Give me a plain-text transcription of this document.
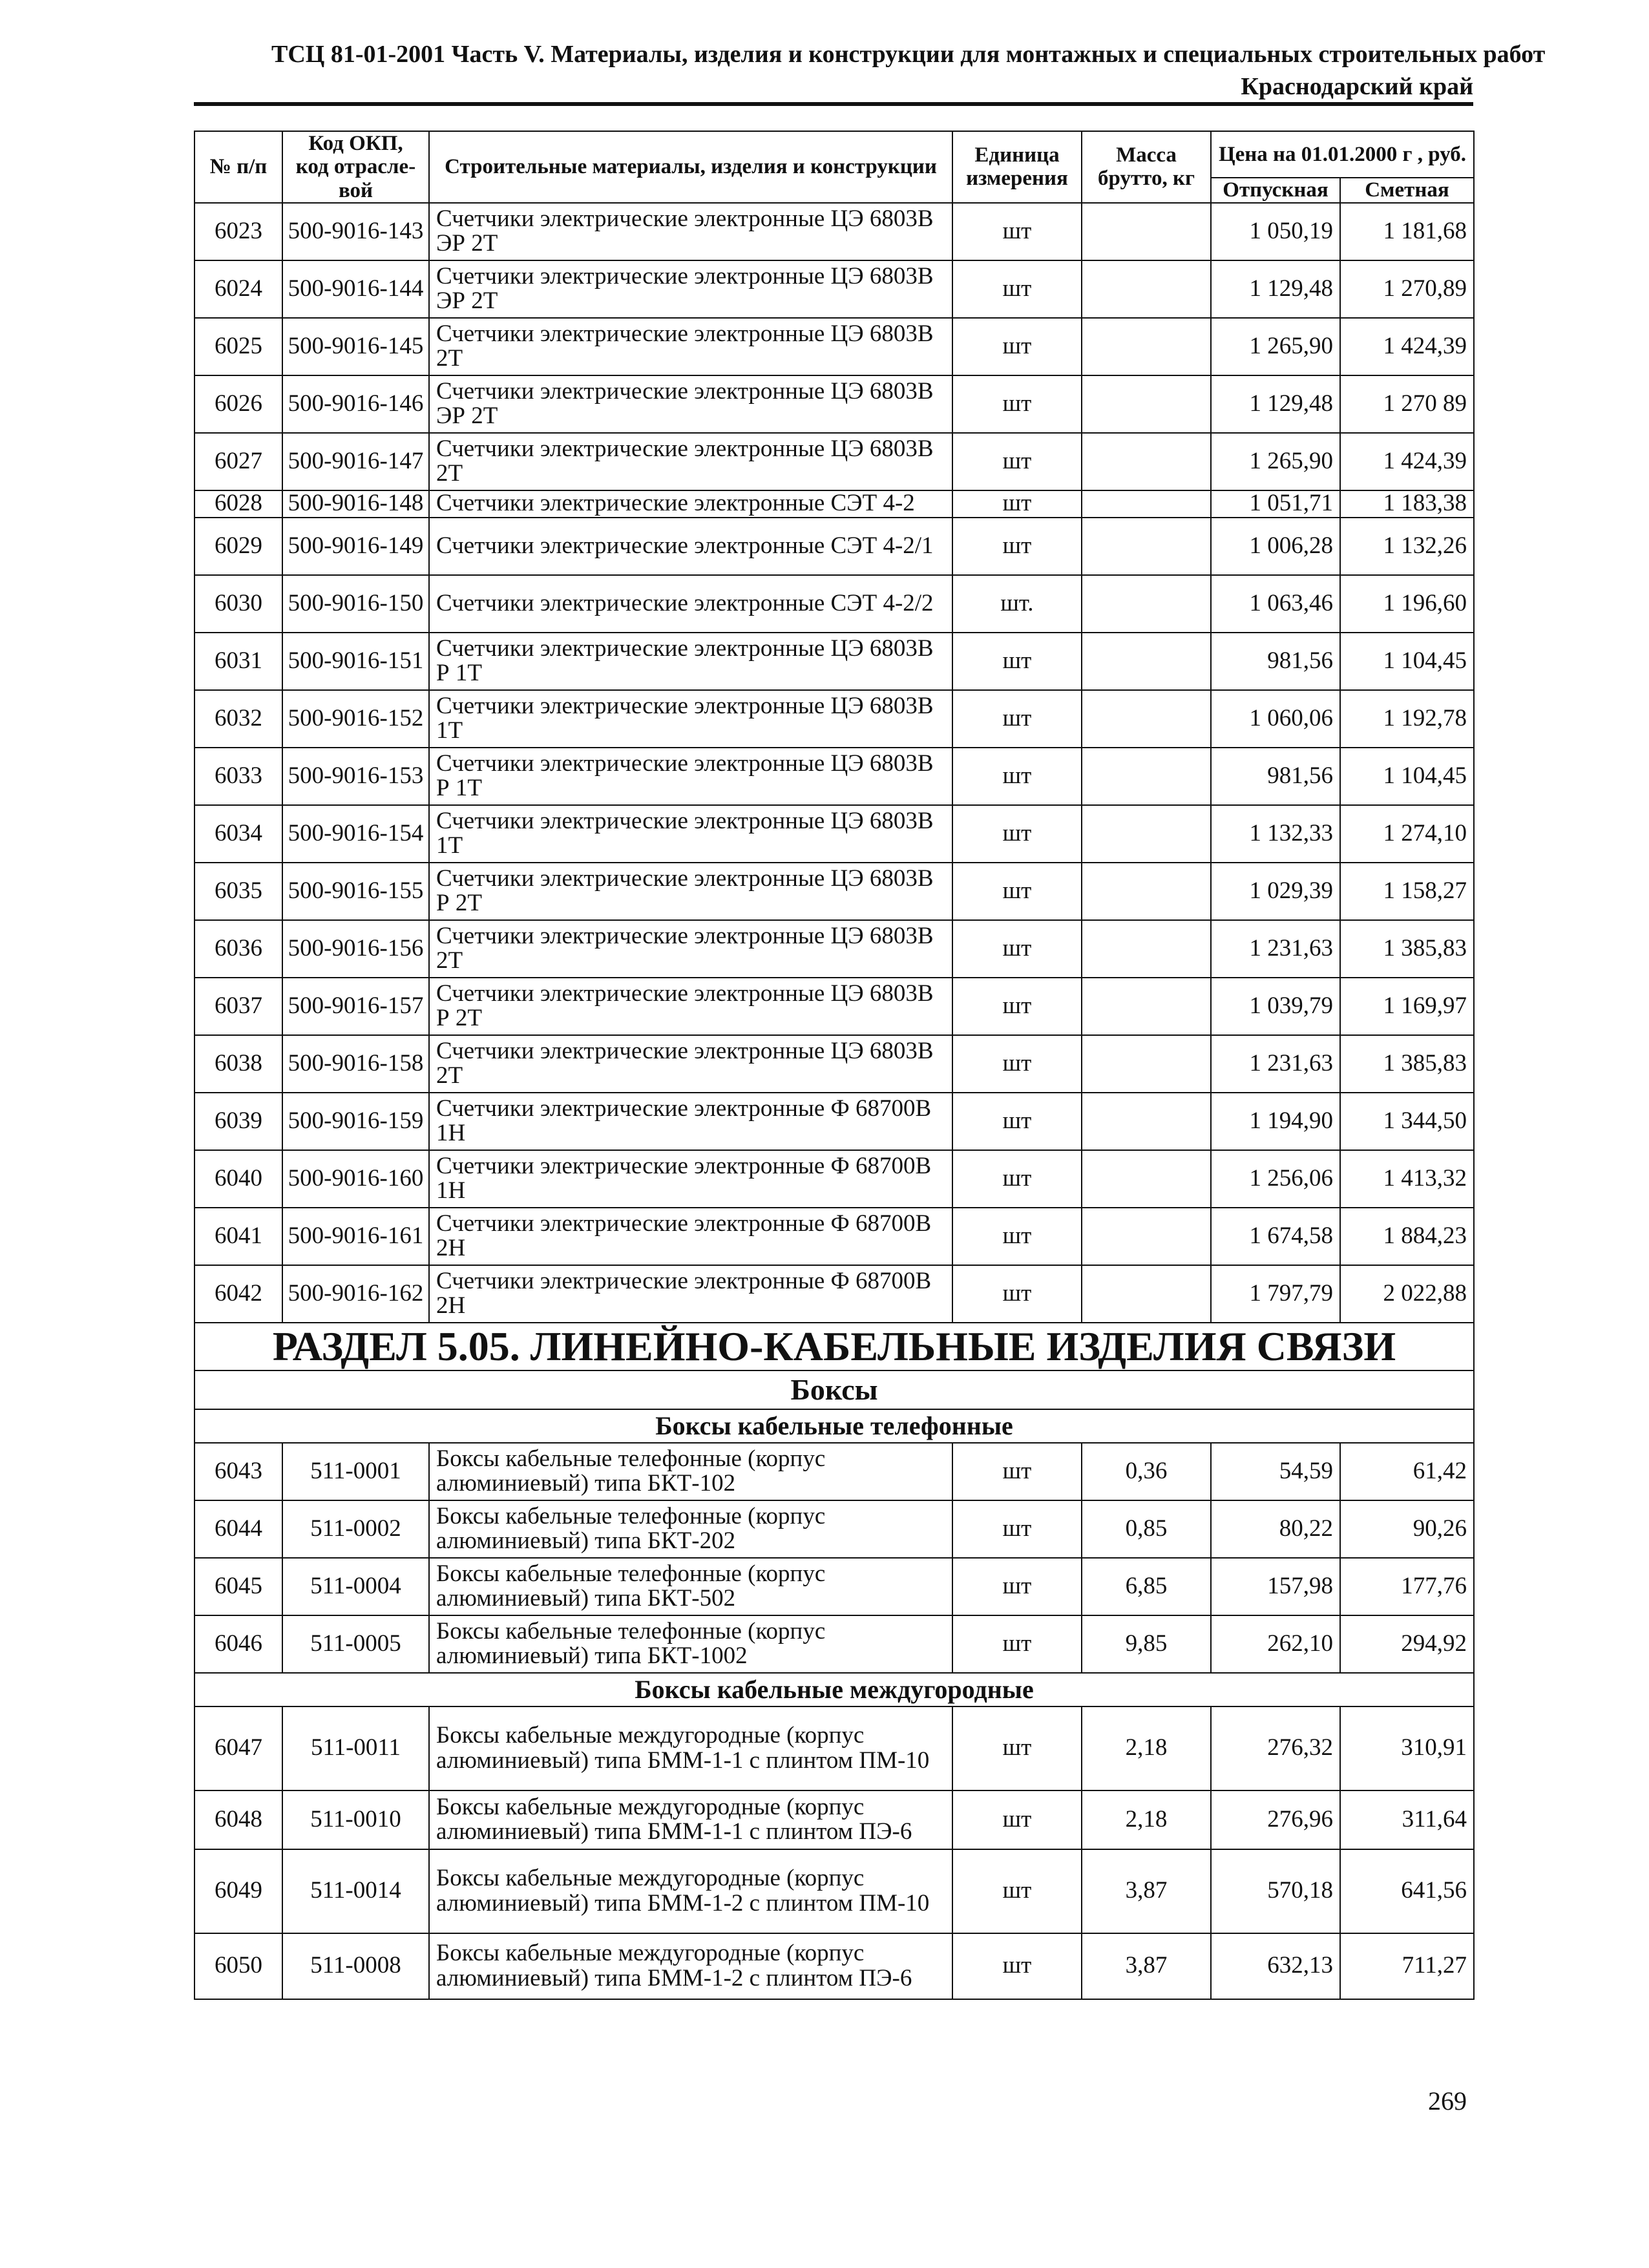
ТСЦ 81-01-2001 Часть V. Материалы, изделия и конструкции для монтажных и специальных строительных работ
Краснодарский край
№ п/п	Код ОКП, код отрасле-вой	Строительные материалы, изделия и конструкции	Единица измерения	Масса брутто, кг	Цена на 01.01.2000 г , руб.	
					Отпускная	Сметная
6023	500-9016-143	Счетчики электрические электронные ЦЭ 6803В ЭР 2Т	шт		1 050,19	1 181,68
6024	500-9016-144	Счетчики электрические электронные ЦЭ 6803В ЭР 2Т	шт		1 129,48	1 270,89
6025	500-9016-145	Счетчики электрические электронные ЦЭ 6803В 2Т	шт		1 265,90	1 424,39
6026	500-9016-146	Счетчики электрические электронные ЦЭ 6803В ЭР 2Т	шт		1 129,48	1 270 89
6027	500-9016-147	Счетчики электрические электронные ЦЭ 6803В 2Т	шт		1 265,90	1 424,39
6028	500-9016-148	Счетчики электрические электронные СЭТ 4-2	шт		1 051,71	1 183,38
6029	500-9016-149	Счетчики электрические электронные СЭТ 4-2/1	шт		1 006,28	1 132,26
6030	500-9016-150	Счетчики электрические электронные СЭТ 4-2/2	шт.		1 063,46	1 196,60
6031	500-9016-151	Счетчики электрические электронные ЦЭ 6803В Р 1Т	шт		981,56	1 104,45
6032	500-9016-152	Счетчики электрические электронные ЦЭ 6803В 1Т	шт		1 060,06	1 192,78
6033	500-9016-153	Счетчики электрические электронные ЦЭ 6803В Р 1Т	шт		981,56	1 104,45
6034	500-9016-154	Счетчики электрические электронные ЦЭ 6803В 1Т	шт		1 132,33	1 274,10
6035	500-9016-155	Счетчики электрические электронные ЦЭ 6803В Р 2Т	шт		1 029,39	1 158,27
6036	500-9016-156	Счетчики электрические электронные ЦЭ 6803В 2Т	шт		1 231,63	1 385,83
6037	500-9016-157	Счетчики электрические электронные ЦЭ 6803В Р 2Т	шт		1 039,79	1 169,97
6038	500-9016-158	Счетчики электрические электронные ЦЭ 6803В 2Т	шт		1 231,63	1 385,83
6039	500-9016-159	Счетчики электрические электронные Ф 68700В 1Н	шт		1 194,90	1 344,50
6040	500-9016-160	Счетчики электрические электронные Ф 68700В 1Н	шт		1 256,06	1 413,32
6041	500-9016-161	Счетчики электрические электронные Ф 68700В 2Н	шт		1 674,58	1 884,23
6042	500-9016-162	Счетчики электрические электронные Ф 68700В 2Н	шт		1 797,79	2 022,88
РАЗДЕЛ 5.05. ЛИНЕЙНО-КАБЕЛЬНЫЕ ИЗДЕЛИЯ СВЯЗИ						
Боксы						
Боксы кабельные телефонные						
6043	511-0001	Боксы кабельные телефонные (корпус алюминиевый) типа БКТ-102	шт	0,36	54,59	61,42
6044	511-0002	Боксы кабельные телефонные (корпус алюминиевый) типа БКТ-202	шт	0,85	80,22	90,26
6045	511-0004	Боксы кабельные телефонные (корпус алюминиевый) типа БКТ-502	шт	6,85	157,98	177,76
6046	511-0005	Боксы кабельные телефонные (корпус алюминиевый) типа БКТ-1002	шт	9,85	262,10	294,92
Боксы кабельные междугородные						
6047	511-0011	Боксы кабельные междугородные (корпус алюминиевый) типа БММ-1-1 с плинтом ПМ-10	шт	2,18	276,32	310,91
6048	511-0010	Боксы кабельные междугородные (корпус алюминиевый) типа БММ-1-1 с плинтом ПЭ-6	шт	2,18	276,96	311,64
6049	511-0014	Боксы кабельные междугородные (корпус алюминиевый) типа БММ-1-2 с плинтом ПМ-10	шт	3,87	570,18	641,56
6050	511-0008	Боксы кабельные междугородные (корпус алюминиевый) типа БММ-1-2 с плинтом ПЭ-6	шт	3,87	632,13	711,27
269
